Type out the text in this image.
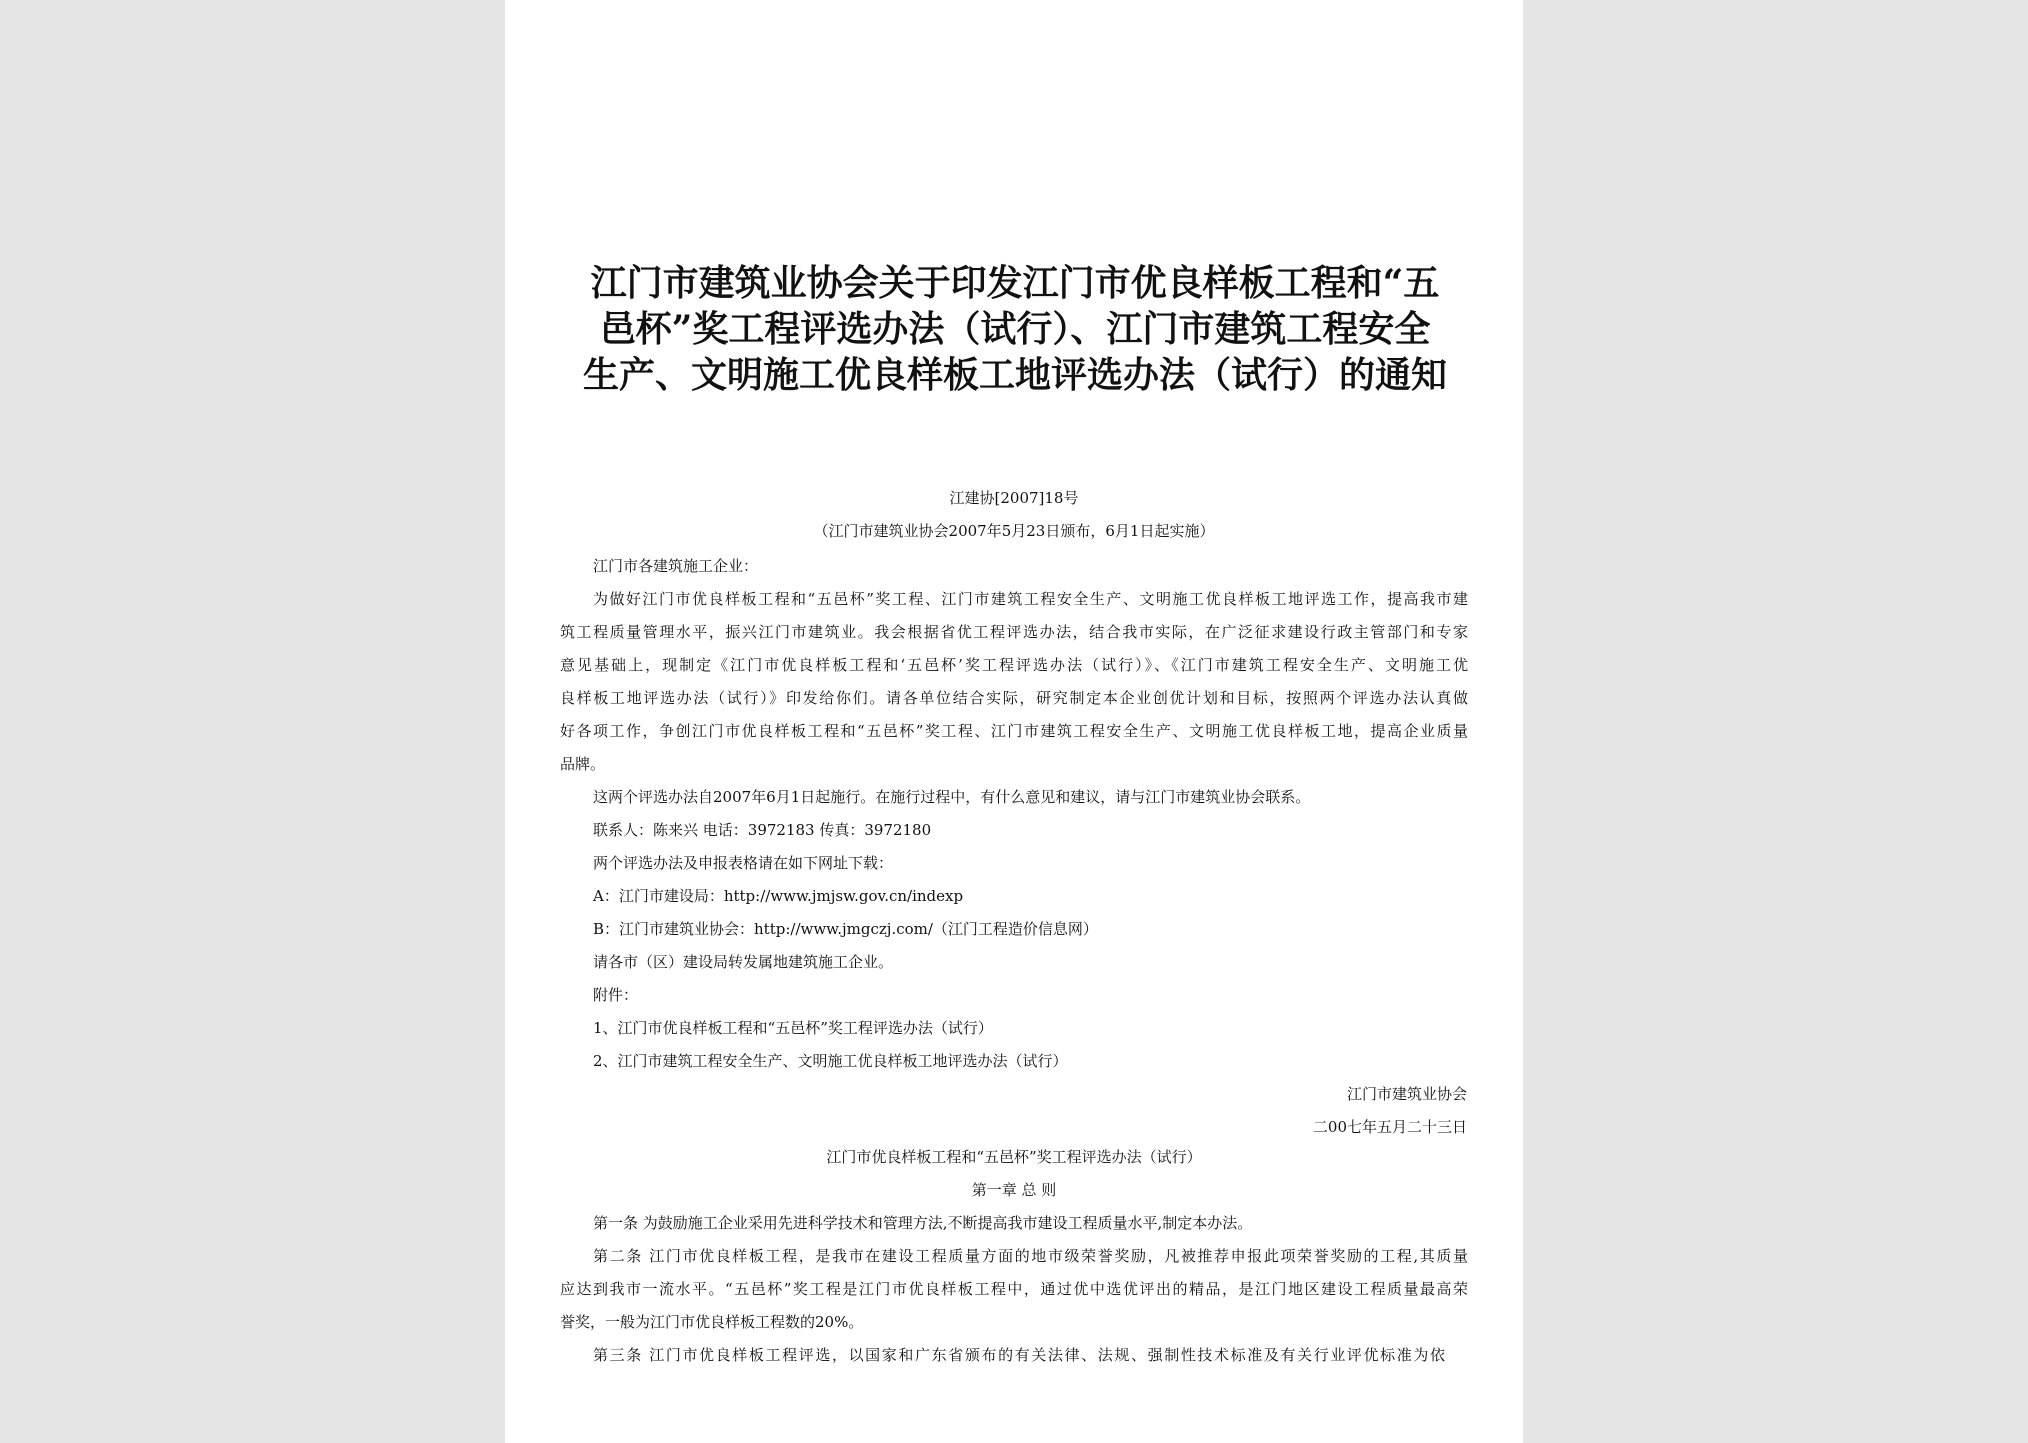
江门市建筑业协会关于印发江门市优良样板工程和“五
邑杯”奖工程评选办法（试行）、江门市建筑工程安全
生产、文明施工优良样板工地评选办法（试行）的通知
江建协[2007]18号
（江门市建筑业协会2007年5月23日颁布，6月1日起实施）
江门市各建筑施工企业：
为做好江门市优良样板工程和“五邑杯”奖工程、江门市建筑工程安全生产、文明施工优良样板工地评选工作，提高我市建
筑工程质量管理水平，振兴江门市建筑业。我会根据省优工程评选办法，结合我市实际，在广泛征求建设行政主管部门和专家
意见基础上，现制定《江门市优良样板工程和‘五邑杯’奖工程评选办法（试行）》、《江门市建筑工程安全生产、文明施工优
良样板工地评选办法（试行）》印发给你们。请各单位结合实际，研究制定本企业创优计划和目标，按照两个评选办法认真做
好各项工作，争创江门市优良样板工程和“五邑杯”奖工程、江门市建筑工程安全生产、文明施工优良样板工地，提高企业质量
品牌。
这两个评选办法自2007年6月1日起施行。在施行过程中，有什么意见和建议，请与江门市建筑业协会联系。
联系人：陈来兴 电话：3972183 传真：3972180
两个评选办法及申报表格请在如下网址下载：
A：江门市建设局：http://www.jmjsw.gov.cn/indexp
B：江门市建筑业协会：http://www.jmgczj.com/（江门工程造价信息网）
请各市（区）建设局转发属地建筑施工企业。
附件：
1、江门市优良样板工程和“五邑杯”奖工程评选办法（试行）
2、江门市建筑工程安全生产、文明施工优良样板工地评选办法（试行）
江门市建筑业协会
二00七年五月二十三日
江门市优良样板工程和“五邑杯”奖工程评选办法（试行）
第一章 总 则
第一条 为鼓励施工企业采用先进科学技术和管理方法,不断提高我市建设工程质量水平,制定本办法。
第二条 江门市优良样板工程，是我市在建设工程质量方面的地市级荣誉奖励，凡被推荐申报此项荣誉奖励的工程,其质量
应达到我市一流水平。“五邑杯”奖工程是江门市优良样板工程中，通过优中选优评出的精品，是江门地区建设工程质量最高荣
誉奖，一般为江门市优良样板工程数的20%。
第三条 江门市优良样板工程评选，以国家和广东省颁布的有关法律、法规、强制性技术标准及有关行业评优标准为依
